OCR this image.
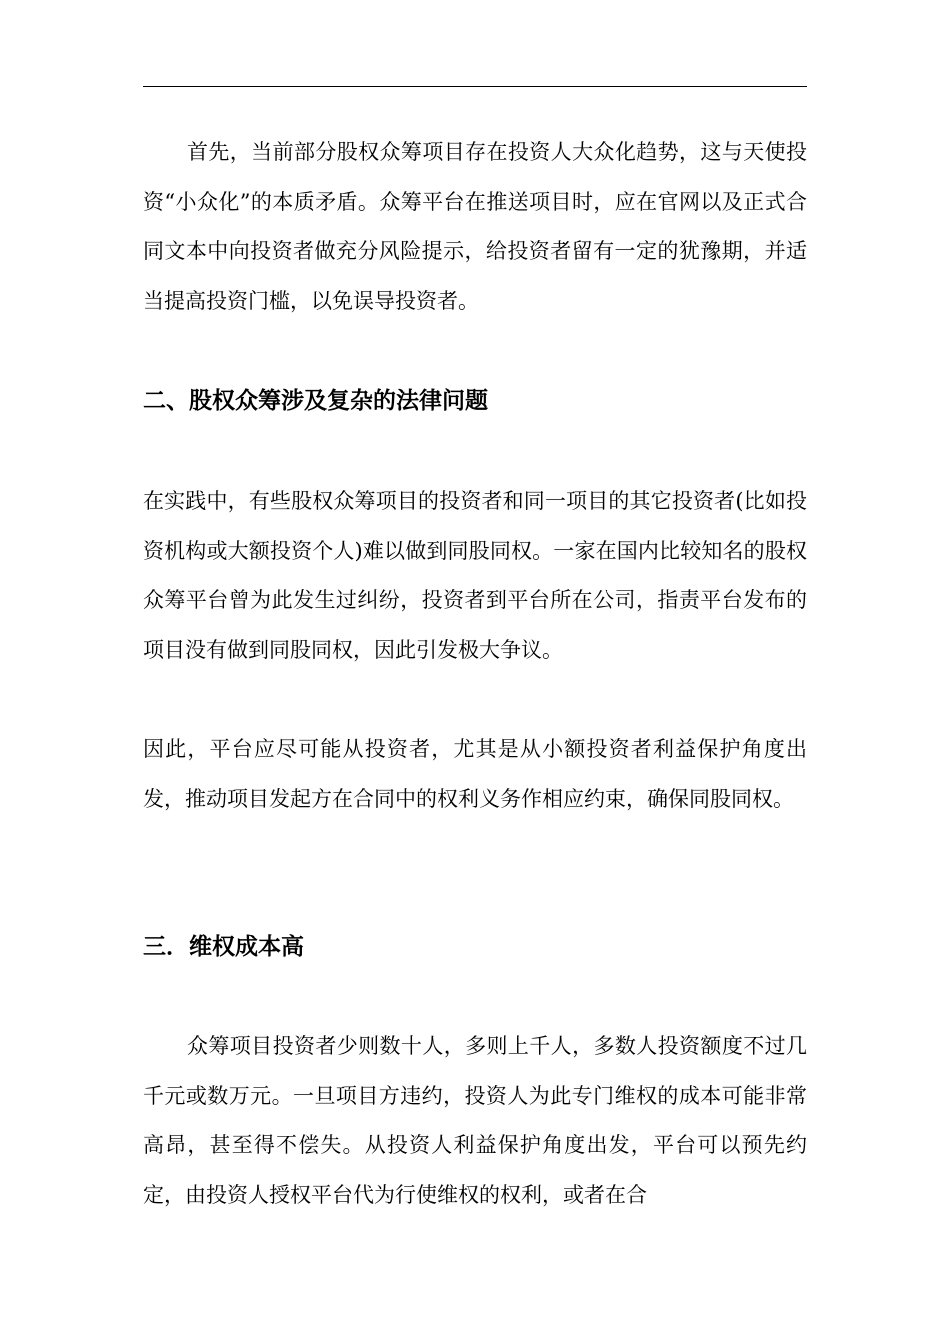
首先，当前部分股权众筹项目存在投资人大众化趋势，这与天使投资“小众化”的本质矛盾。众筹平台在推送项目时，应在官网以及正式合同文本中向投资者做充分风险提示，给投资者留有一定的犹豫期，并适当提高投资门槛，以免误导投资者。

二、股权众筹涉及复杂的法律问题

在实践中，有些股权众筹项目的投资者和同一项目的其它投资者(比如投资机构或大额投资个人)难以做到同股同权。一家在国内比较知名的股权众筹平台曾为此发生过纠纷，投资者到平台所在公司，指责平台发布的项目没有做到同股同权，因此引发极大争议。

因此，平台应尽可能从投资者，尤其是从小额投资者利益保护角度出发，推动项目发起方在合同中的权利义务作相应约束，确保同股同权。

三．维权成本高

众筹项目投资者少则数十人，多则上千人，多数人投资额度不过几千元或数万元。一旦项目方违约，投资人为此专门维权的成本可能非常高昂，甚至得不偿失。从投资人利益保护角度出发，平台可以预先约定，由投资人授权平台代为行使维权的权利，或者在合
